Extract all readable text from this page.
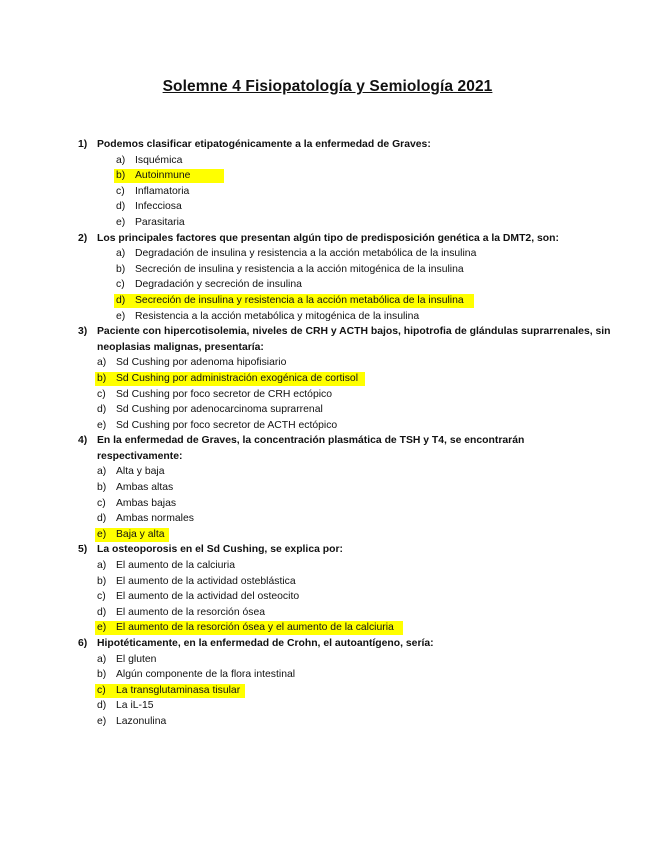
Solemne 4 Fisiopatología y Semiología 2021
1) Podemos clasificar etipatogénicamente a la enfermedad de Graves:
a) Isquémica
b) Autoinmune
c) Inflamatoria
d) Infecciosa
e) Parasitaria
2) Los principales factores que presentan algún tipo de predisposición genética a la DMT2, son:
a) Degradación de insulina y resistencia a la acción metabólica de la insulina
b) Secreción de insulina y resistencia a la acción mitogénica de la insulina
c) Degradación y secreción de insulina
d) Secreción de insulina y resistencia a la acción metabólica de la insulina
e) Resistencia a la acción metabólica y mitogénica de la insulina
3) Paciente con hipercotisolemia, niveles de CRH y ACTH bajos, hipotrofia de glándulas suprarrenales, sin
neoplasias malignas, presentaría:
a) Sd Cushing por adenoma hipofisiario
b) Sd Cushing por administración exogénica de cortisol
c) Sd Cushing por foco secretor de CRH ectópico
d) Sd Cushing por adenocarcinoma suprarrenal
e) Sd Cushing por foco secretor de ACTH ectópico
4) En la enfermedad de Graves, la concentración plasmática de TSH y T4, se encontrarán
respectivamente:
a) Alta y baja
b) Ambas altas
c) Ambas bajas
d) Ambas normales
e) Baja y alta
5) La osteoporosis en el Sd Cushing, se explica por:
a) El aumento de la calciuria
b) El aumento de la actividad osteblástica
c) El aumento de la actividad del osteocito
d) El aumento de la resorción ósea
e) El aumento de la resorción ósea y el aumento de la calciuria
6) Hipotéticamente, en la enfermedad de Crohn, el autoantígeno, sería:
a) El gluten
b) Algún componente de la flora intestinal
c) La transglutaminasa tisular
d) La iL-15
e) Lazonulina
